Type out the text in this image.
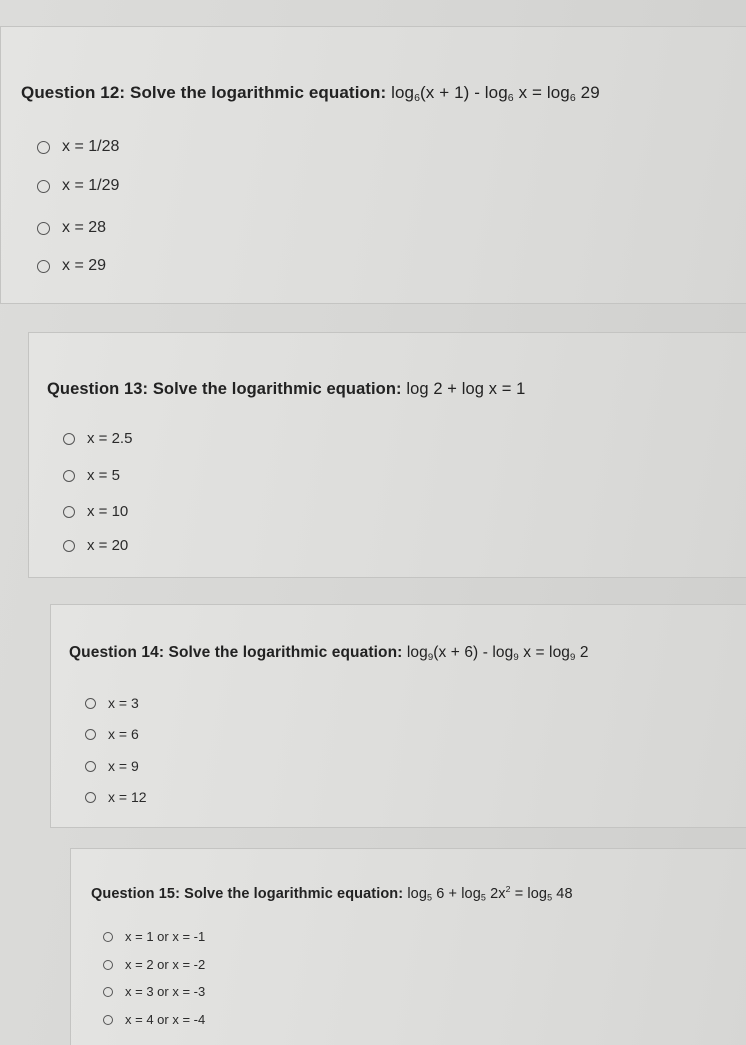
Question 12: Solve the logarithmic equation: $\log_6(x + 1) - \log_6 x = \log_6 29$
x = 1/28
x = 1/29
x = 28
x = 29
Question 13: Solve the logarithmic equation: log 2 + log x = 1
x = 2.5
x = 5
x = 10
x = 20
Question 14: Solve the logarithmic equation: $\log_9(x + 6) - \log_9 x = \log_9 2$
x = 3
x = 6
x = 9
x = 12
Question 15: Solve the logarithmic equation: $\log_5 6 + \log_5 2x^2 = \log_5 48$
x = 1 or x = -1
x = 2 or x = -2
x = 3 or x = -3
x = 4 or x = -4
